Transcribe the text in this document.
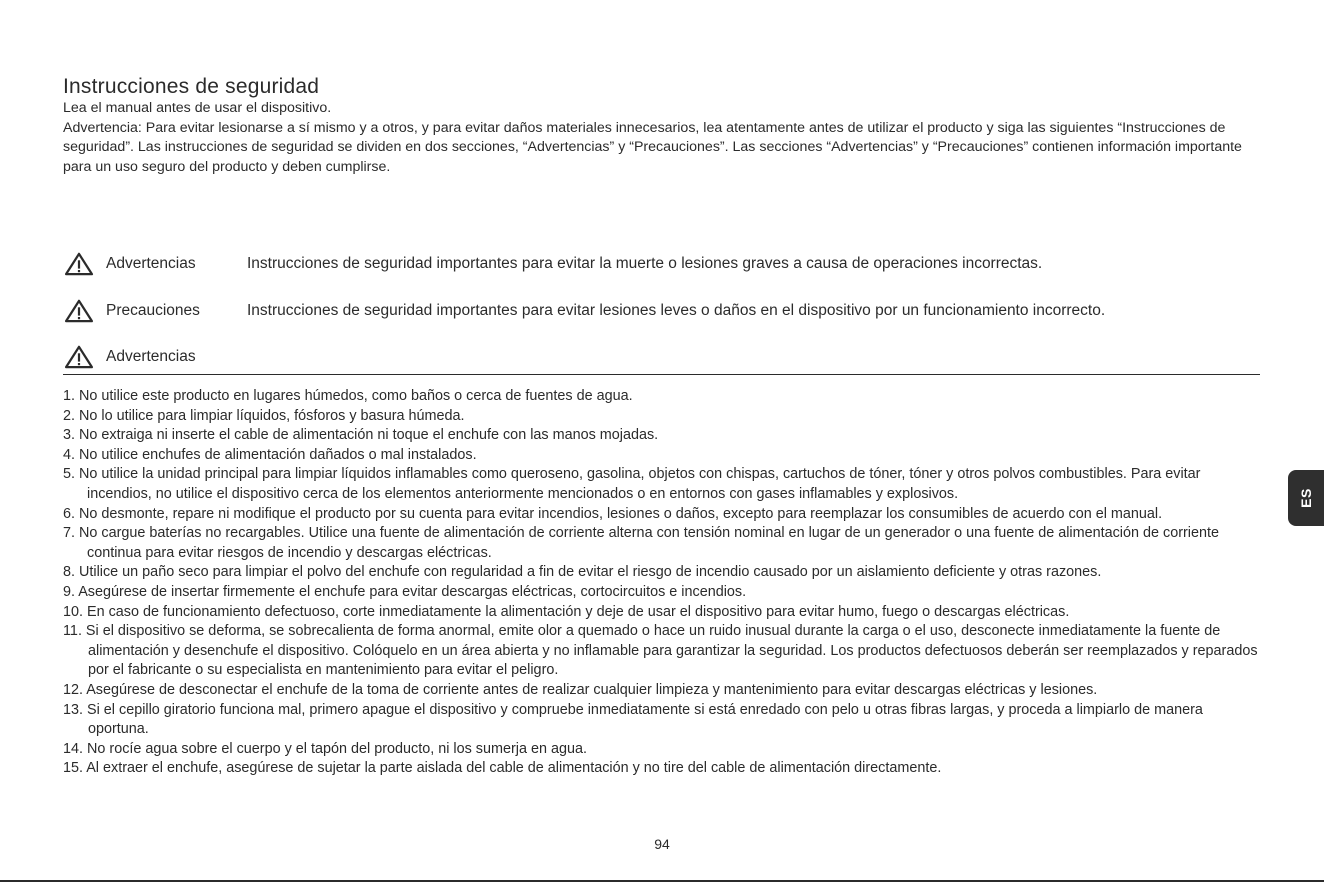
Instrucciones de seguridad

Lea el manual antes de usar el dispositivo.

Advertencia: Para evitar lesionarse a sí mismo y a otros, y para evitar daños materiales innecesarios, lea atentamente antes de utilizar el producto y siga las siguientes “Instrucciones de seguridad”. Las instrucciones de seguridad se dividen en dos secciones, “Advertencias” y “Precauciones”. Las secciones “Advertencias” y “Precauciones” contienen información importante para un uso seguro del producto y deben cumplirse.

Advertencias	Instrucciones de seguridad importantes para evitar la muerte o lesiones graves a causa de operaciones incorrectas.
Precauciones	Instrucciones de seguridad importantes para evitar lesiones leves o daños en el dispositivo por un funcionamiento incorrecto.
Advertencias
1. No utilice este producto en lugares húmedos, como baños o cerca de fuentes de agua.
2. No lo utilice para limpiar líquidos, fósforos y basura húmeda.
3. No extraiga ni inserte el cable de alimentación ni toque el enchufe con las manos mojadas.
4. No utilice enchufes de alimentación dañados o mal instalados.
5. No utilice la unidad principal para limpiar líquidos inflamables como queroseno, gasolina, objetos con chispas, cartuchos de tóner, tóner y otros polvos combustibles. Para evitar incendios, no utilice el dispositivo cerca de los elementos anteriormente mencionados o en entornos con gases inflamables y explosivos.
6. No desmonte, repare ni modifique el producto por su cuenta para evitar incendios, lesiones o daños, excepto para reemplazar los consumibles de acuerdo con el manual.
7. No cargue baterías no recargables. Utilice una fuente de alimentación de corriente alterna con tensión nominal en lugar de un generador o una fuente de alimentación de corriente continua para evitar riesgos de incendio y descargas eléctricas.
8. Utilice un paño seco para limpiar el polvo del enchufe con regularidad a fin de evitar el riesgo de incendio causado por un aislamiento deficiente y otras razones.
9. Asegúrese de insertar firmemente el enchufe para evitar descargas eléctricas, cortocircuitos e incendios.
10. En caso de funcionamiento defectuoso, corte inmediatamente la alimentación y deje de usar el dispositivo para evitar humo, fuego o descargas eléctricas.
11. Si el dispositivo se deforma, se sobrecalienta de forma anormal, emite olor a quemado o hace un ruido inusual durante la carga o el uso, desconecte inmediatamente la fuente de alimentación y desenchufe el dispositivo. Colóquelo en un área abierta y no inflamable para garantizar la seguridad. Los productos defectuosos deberán ser reemplazados y reparados por el fabricante o su especialista en mantenimiento para evitar el peligro.
12. Asegúrese de desconectar el enchufe de la toma de corriente antes de realizar cualquier limpieza y mantenimiento para evitar descargas eléctricas y lesiones.
13. Si el cepillo giratorio funciona mal, primero apague el dispositivo y compruebe inmediatamente si está enredado con pelo u otras fibras largas, y proceda a limpiarlo de manera oportuna.
14. No rocíe agua sobre el cuerpo y el tapón del producto, ni los sumerja en agua.
15. Al extraer el enchufe, asegúrese de sujetar la parte aislada del cable de alimentación y no tire del cable de alimentación directamente.
94
ES
